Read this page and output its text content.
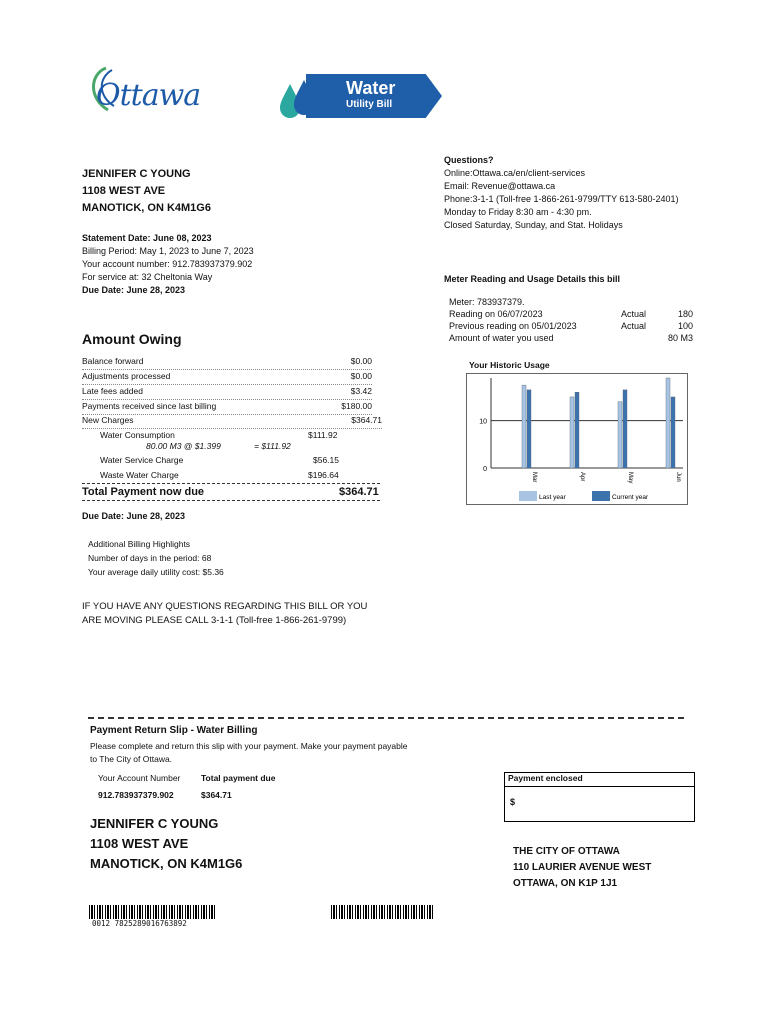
Ottawa	Water
Utility Bill
JENNIFER C YOUNG
1108 WEST AVE
MANOTICK, ON K4M1G6
Statement Date: June 08, 2023
Billing Period: May 1, 2023 to June 7, 2023
Your account number: 912.783937379.902
For service at: 32 Cheltonia Way
Due Date: June 28, 2023
Questions?
Online:Ottawa.ca/en/client-services
Email: Revenue@ottawa.ca
Phone:3-1-1 (Toll-free 1-866-261-9799/TTY 613-580-2401)
Monday to Friday 8:30 am - 4:30 pm.
Closed Saturday, Sunday, and Stat. Holidays
Amount Owing
Balance forward	$0.00
Adjustments processed	$0.00
Late fees added	$3.42
Payments received since last billing	$180.00
New Charges	$364.71
Water Consumption	$111.92
80.00 M3 @ $1.399	= $111.92
Water Service Charge	$56.15
Waste Water Charge	$196.64
Total Payment now due	$364.71
Due Date: June 28, 2023
Additional Billing Highlights
Number of days in the period: 68
Your average daily utility cost: $5.36
IF YOU HAVE ANY QUESTIONS REGARDING THIS BILL OR YOU
ARE MOVING PLEASE CALL 3-1-1 (Toll-free 1-866-261-9799)
Meter Reading and Usage Details this bill
Meter: 783937379.
Reading on 06/07/2023	Actual	180
Previous reading on 05/01/2023	Actual	100
Amount of water you used	80 M3
Your Historic Usage
0
10
Mar	Apr	May	Jun
Last year	Current year
Payment Return Slip - Water Billing
Please complete and return this slip with your payment. Make your payment payable
to The City of Ottawa.
Your Account Number Total payment due
912.783937379.902	$364.71
Payment enclosed
$
JENNIFER C YOUNG
1108 WEST AVE
MANOTICK, ON K4M1G6
THE CITY OF OTTAWA
110 LAURIER AVENUE WEST
OTTAWA, ON K1P 1J1
0012 7825289016763892
